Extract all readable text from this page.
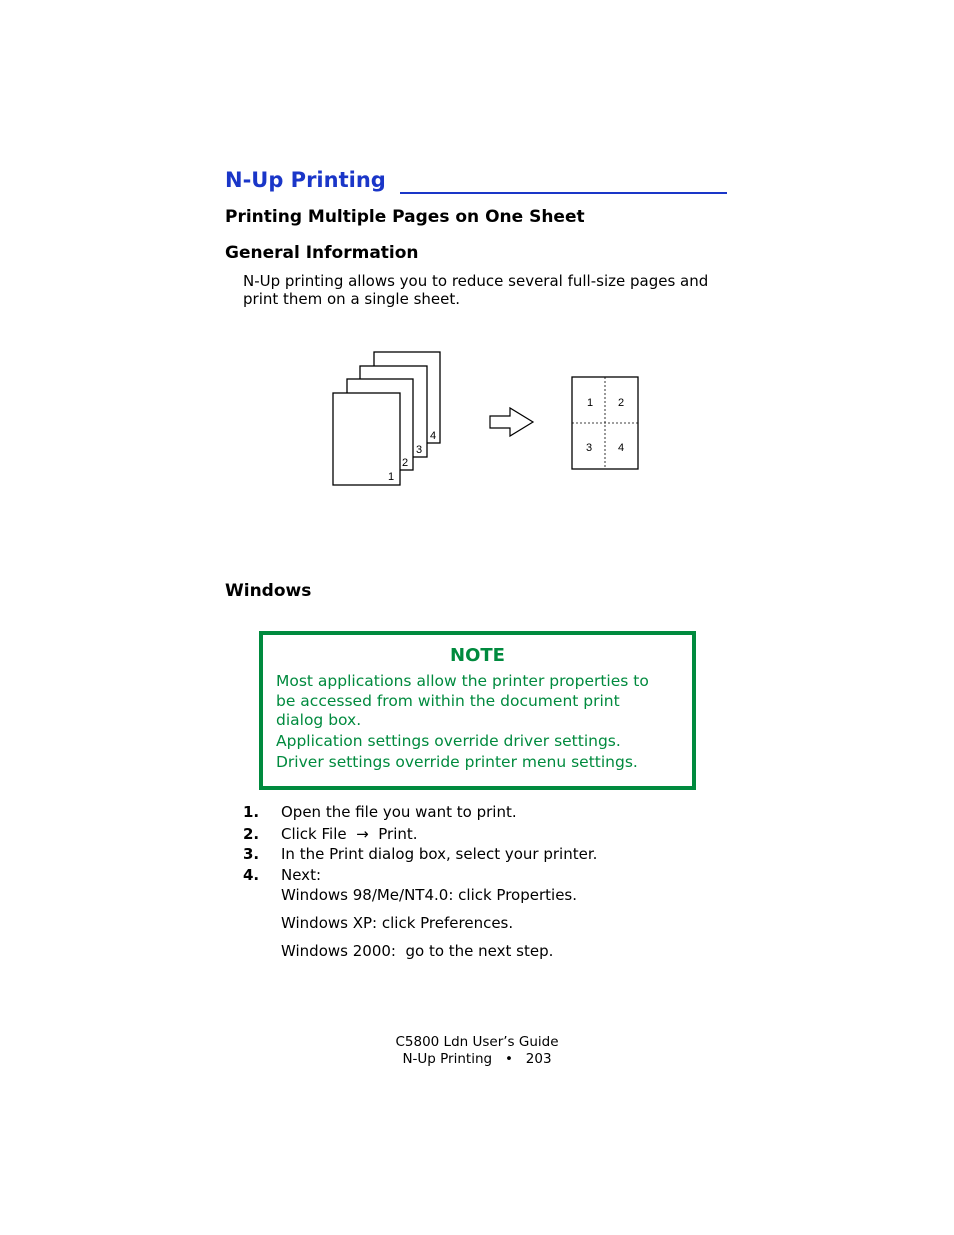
N-Up Printing
Printing Multiple Pages on One Sheet
General Information
N-Up printing allows you to reduce several full-size pages and
print them on a single sheet.
4
3
2
1
1 2
3 4
Windows
NOTE
Most applications allow the printer properties to
be accessed from within the document print
dialog box.
Application settings override driver settings.
Driver settings override printer menu settings.
1. Open the file you want to print.
2. Click File  →  Print.
3. In the Print dialog box, select your printer.
4. Next:
Windows 98/Me/NT4.0: click Properties.
Windows XP: click Preferences.
Windows 2000:  go to the next step.
C5800 Ldn User’s Guide
N-Up Printing   •   203
